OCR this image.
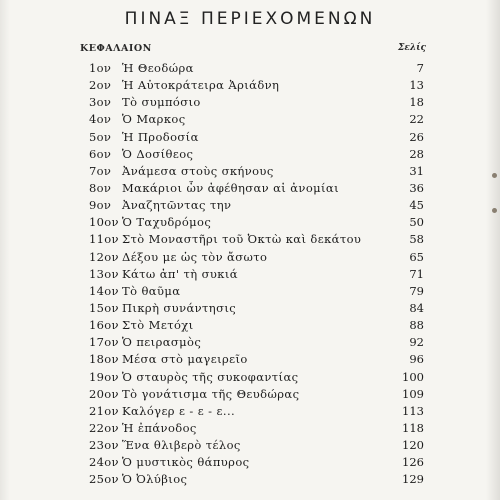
ΠΙΝΑΞ ΠΕΡΙΕΧΟΜΕΝΩΝ
ΚΕΦΑΛΑΙΟΝ	Σελίς
1ον Ἡ Θεοδώρα	7
2ον Ἡ Αὐτοκράτειρα Ἀριάδνη	13
3ον Τὸ συμπόσιο	18
4ον Ὁ Μαρκος	22
5ον Ἡ Προδοσία	26
6ον Ὁ Δοσίθεος	28
7ον Ἀνάμεσα στοὺς σκήνους	31
8ον Μακάριοι ὧν ἀφέθησαν αἱ ἀνομίαι	36
9ον Ἀναζητῶντας την	45
10ον Ὁ Ταχυδρόμος	50
11ον Στὸ Μοναστῆρι τοῦ Ὀκτὼ καὶ δεκάτου	58
12ον Δέξου με ὡς τὸν ἄσωτο	65
13ον Κάτω ἀπ' τὴ συκιά	71
14ον Τὸ θαῦμα	79
15ον Πικρὴ συνάντησις	84
16ον Στὸ Μετόχι	88
17ον Ὁ πειρασμὸς	92
18ον Μέσα στὸ μαγειρεῖο	96
19ον Ὁ σταυρὸς τῆς συκοφαντίας	100
20ον Τὸ γονάτισμα τῆς Θευδώρας	109
21ον Καλόγερ ε - ε - ε...	113
22ον Ἡ ἐπάνοδος	118
23ον Ἕνα θλιβερὸ τέλος	120
24ον Ὁ μυστικὸς θάπυρος	126
25ον Ὁ Ὀλύβιος	129
